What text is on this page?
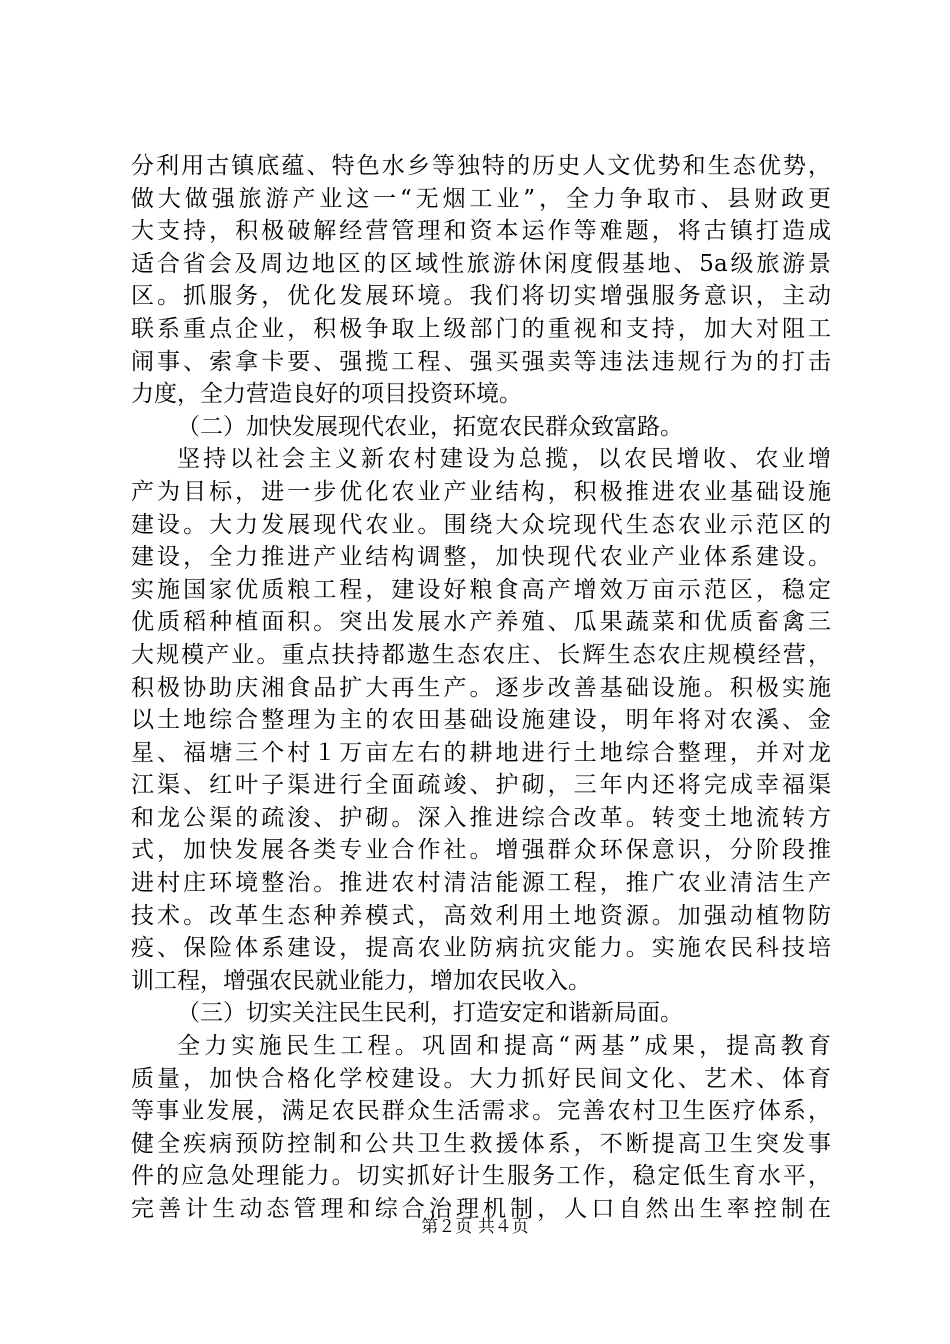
分利用古镇底蕴、特色水乡等独特的历史人文优势和生态优势，
做大做强旅游产业这一“无烟工业”，全力争取市、县财政更
大支持，积极破解经营管理和资本运作等难题，将古镇打造成
适合省会及周边地区的区域性旅游休闲度假基地、5a级旅游景
区。抓服务，优化发展环境。我们将切实增强服务意识，主动
联系重点企业，积极争取上级部门的重视和支持，加大对阻工
闹事、索拿卡要、强揽工程、强买强卖等违法违规行为的打击
力度，全力营造良好的项目投资环境。
（二）加快发展现代农业，拓宽农民群众致富路。
坚持以社会主义新农村建设为总揽，以农民增收、农业增
产为目标，进一步优化农业产业结构，积极推进农业基础设施
建设。大力发展现代农业。围绕大众垸现代生态农业示范区的
建设，全力推进产业结构调整，加快现代农业产业体系建设。
实施国家优质粮工程，建设好粮食高产增效万亩示范区，稳定
优质稻种植面积。突出发展水产养殖、瓜果蔬菜和优质畜禽三
大规模产业。重点扶持都遨生态农庄、长辉生态农庄规模经营，
积极协助庆湘食品扩大再生产。逐步改善基础设施。积极实施
以土地综合整理为主的农田基础设施建设，明年将对农溪、金
星、福塘三个村１万亩左右的耕地进行土地综合整理，并对龙
江渠、红叶子渠进行全面疏竣、护砌，三年内还将完成幸福渠
和龙公渠的疏浚、护砌。深入推进综合改革。转变土地流转方
式，加快发展各类专业合作社。增强群众环保意识，分阶段推
进村庄环境整治。推进农村清洁能源工程，推广农业清洁生产
技术。改革生态种养模式，高效利用土地资源。加强动植物防
疫、保险体系建设，提高农业防病抗灾能力。实施农民科技培
训工程，增强农民就业能力，增加农民收入。
（三）切实关注民生民利，打造安定和谐新局面。
全力实施民生工程。巩固和提高“两基”成果，提高教育
质量，加快合格化学校建设。大力抓好民间文化、艺术、体育
等事业发展，满足农民群众生活需求。完善农村卫生医疗体系，
健全疾病预防控制和公共卫生救援体系，不断提高卫生突发事
件的应急处理能力。切实抓好计生服务工作，稳定低生育水平，
完善计生动态管理和综合治理机制，人口自然出生率控制在
第２页 共４页
